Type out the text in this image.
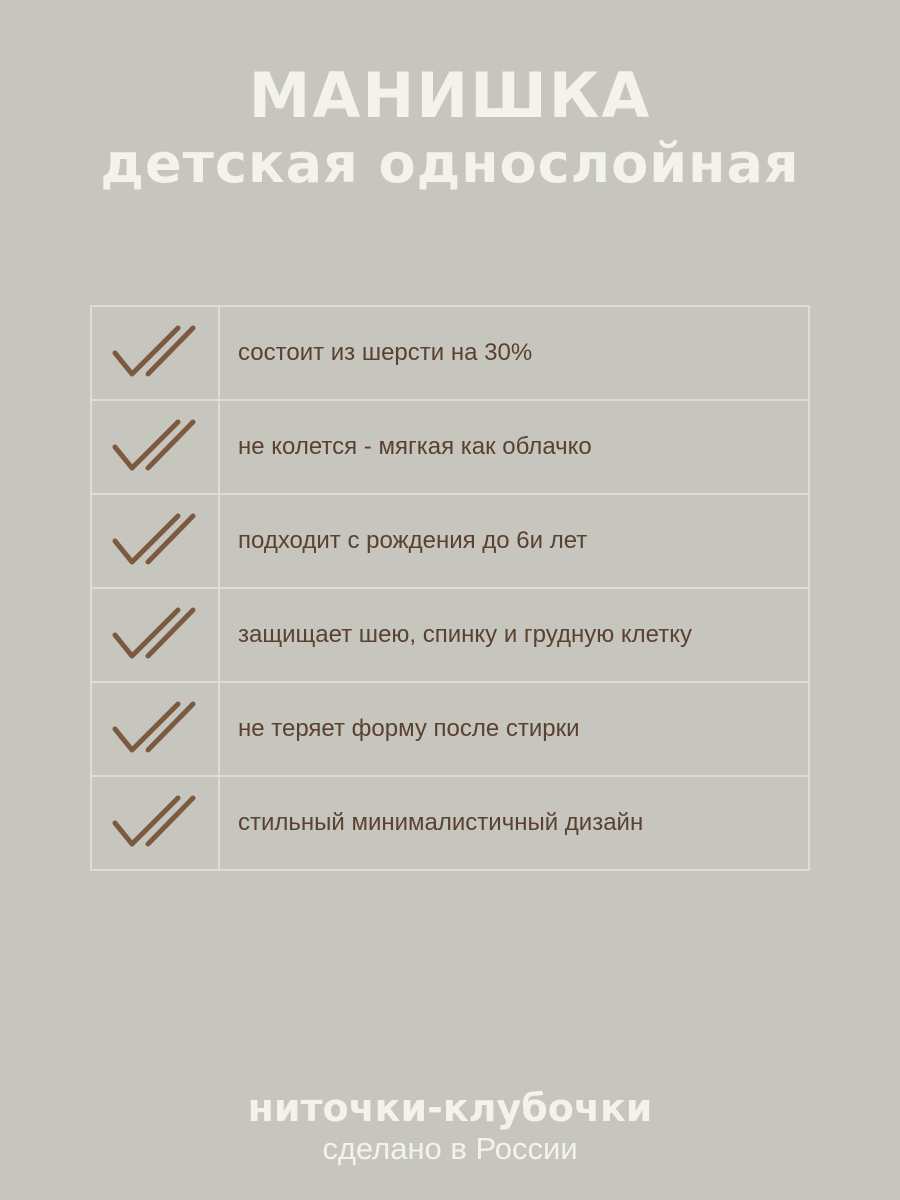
МАНИШКА
детская однослойная
	состоит из шерсти на 30%

	не колется - мягкая как облачко

	подходит с рождения до 6и лет

	защищает шею, спинку и грудную клетку

	не теряет форму после стирки

	стильный минималистичный дизайн
ниточки-клубочки
сделано в России
